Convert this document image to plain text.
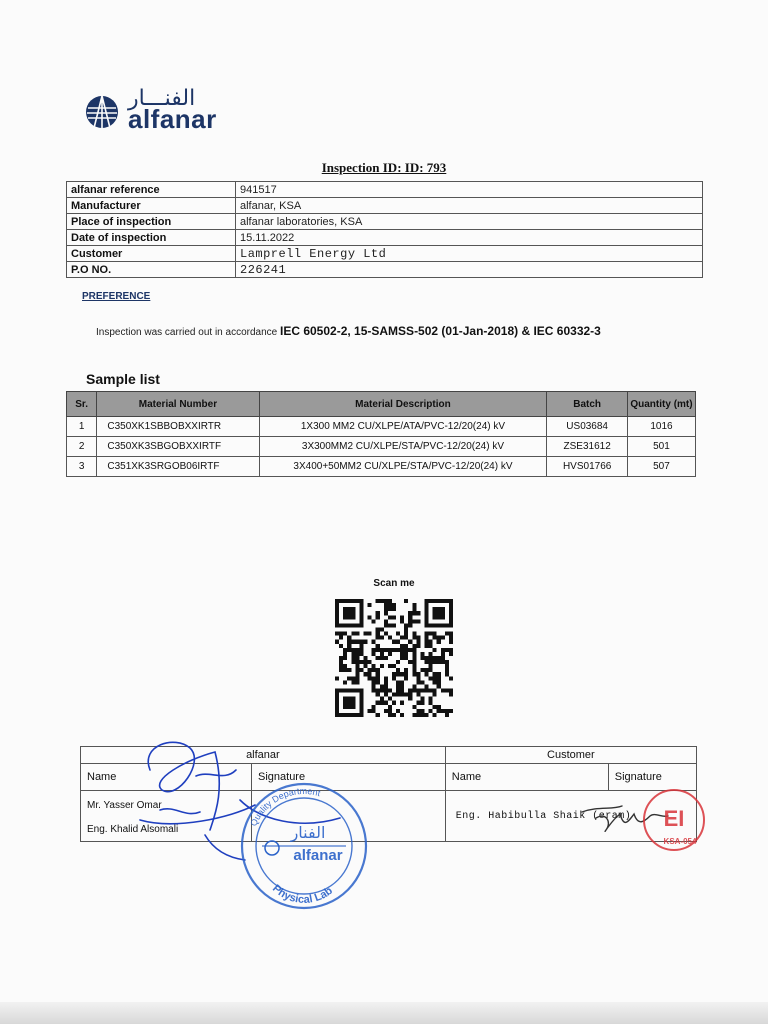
الفنـــار
alfanar
Inspection ID: ID: 793
alfanar reference	941517
Manufacturer	alfanar, KSA
Place of inspection	alfanar laboratories, KSA
Date of inspection	15.11.2022
Customer	Lamprell Energy Ltd
P.O NO.	226241
PREFERENCE
Inspection was carried out in accordance IEC 60502-2, 15-SAMSS-502 (01-Jan-2018) & IEC 60332-3
Sample list
Sr.	Material Number	Material Description	Batch	Quantity (mt)
1	C350XK1SBBOBXXIRTR	1X300 MM2 CU/XLPE/ATA/PVC-12/20(24) kV	US03684	1016
2	C350XK3SBGOBXXIRTF	3X300MM2 CU/XLPE/STA/PVC-12/20(24) kV	ZSE31612	501
3	C351XK3SRGOB06IRTF	3X400+50MM2 CU/XLPE/STA/PVC-12/20(24) kV	HVS01766	507
Scan me
alfanar		Customer	
Name	Signature	Name	Signature

Mr. Yasser Omar
Eng. Khalid Alsomali		Eng. Habibulla Shaik (eram)	
Quality Department
الفنار
alfanar
Physical Lab
EI
KSA-054
